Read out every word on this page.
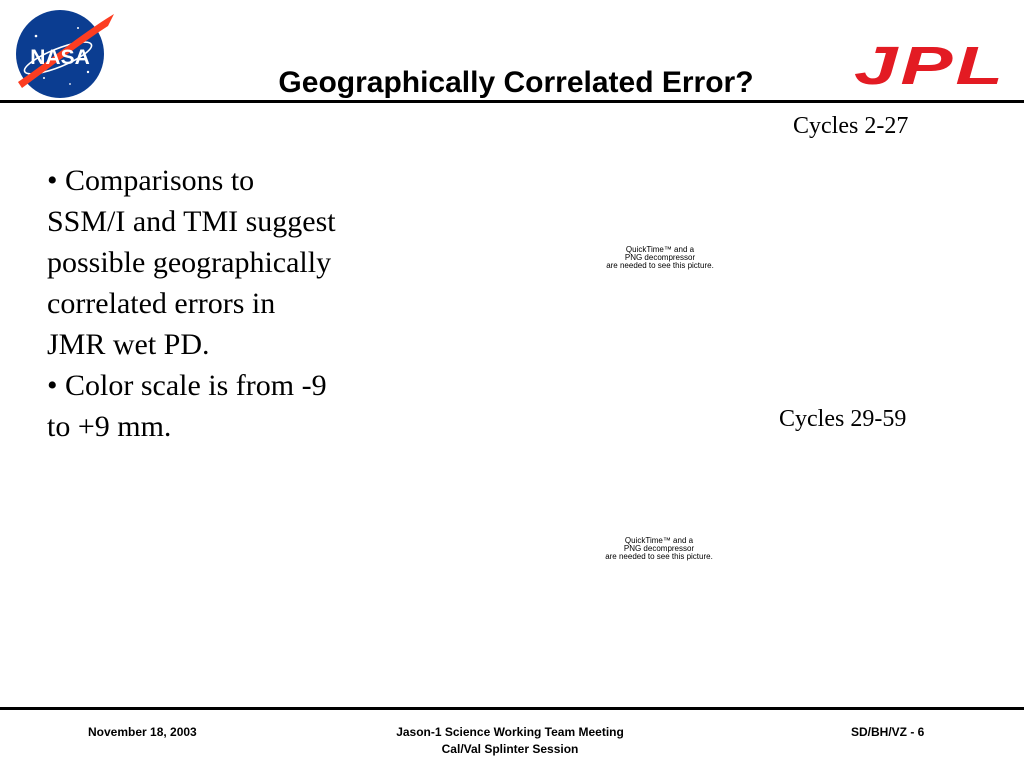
NASA	JPL
Geographically Correlated Error?
• Comparisons to SSM/I and TMI suggest possible geographically correlated errors in JMR wet PD.
• Color scale is from -9 to +9 mm.
Cycles 2-27
QuickTime™ and a
PNG decompressor
are needed to see this picture.
Cycles 29-59
QuickTime™ and a
PNG decompressor
are needed to see this picture.
November 18, 2003	Jason-1 Science Working Team Meeting
Cal/Val Splinter Session
SD/BH/VZ - 6
